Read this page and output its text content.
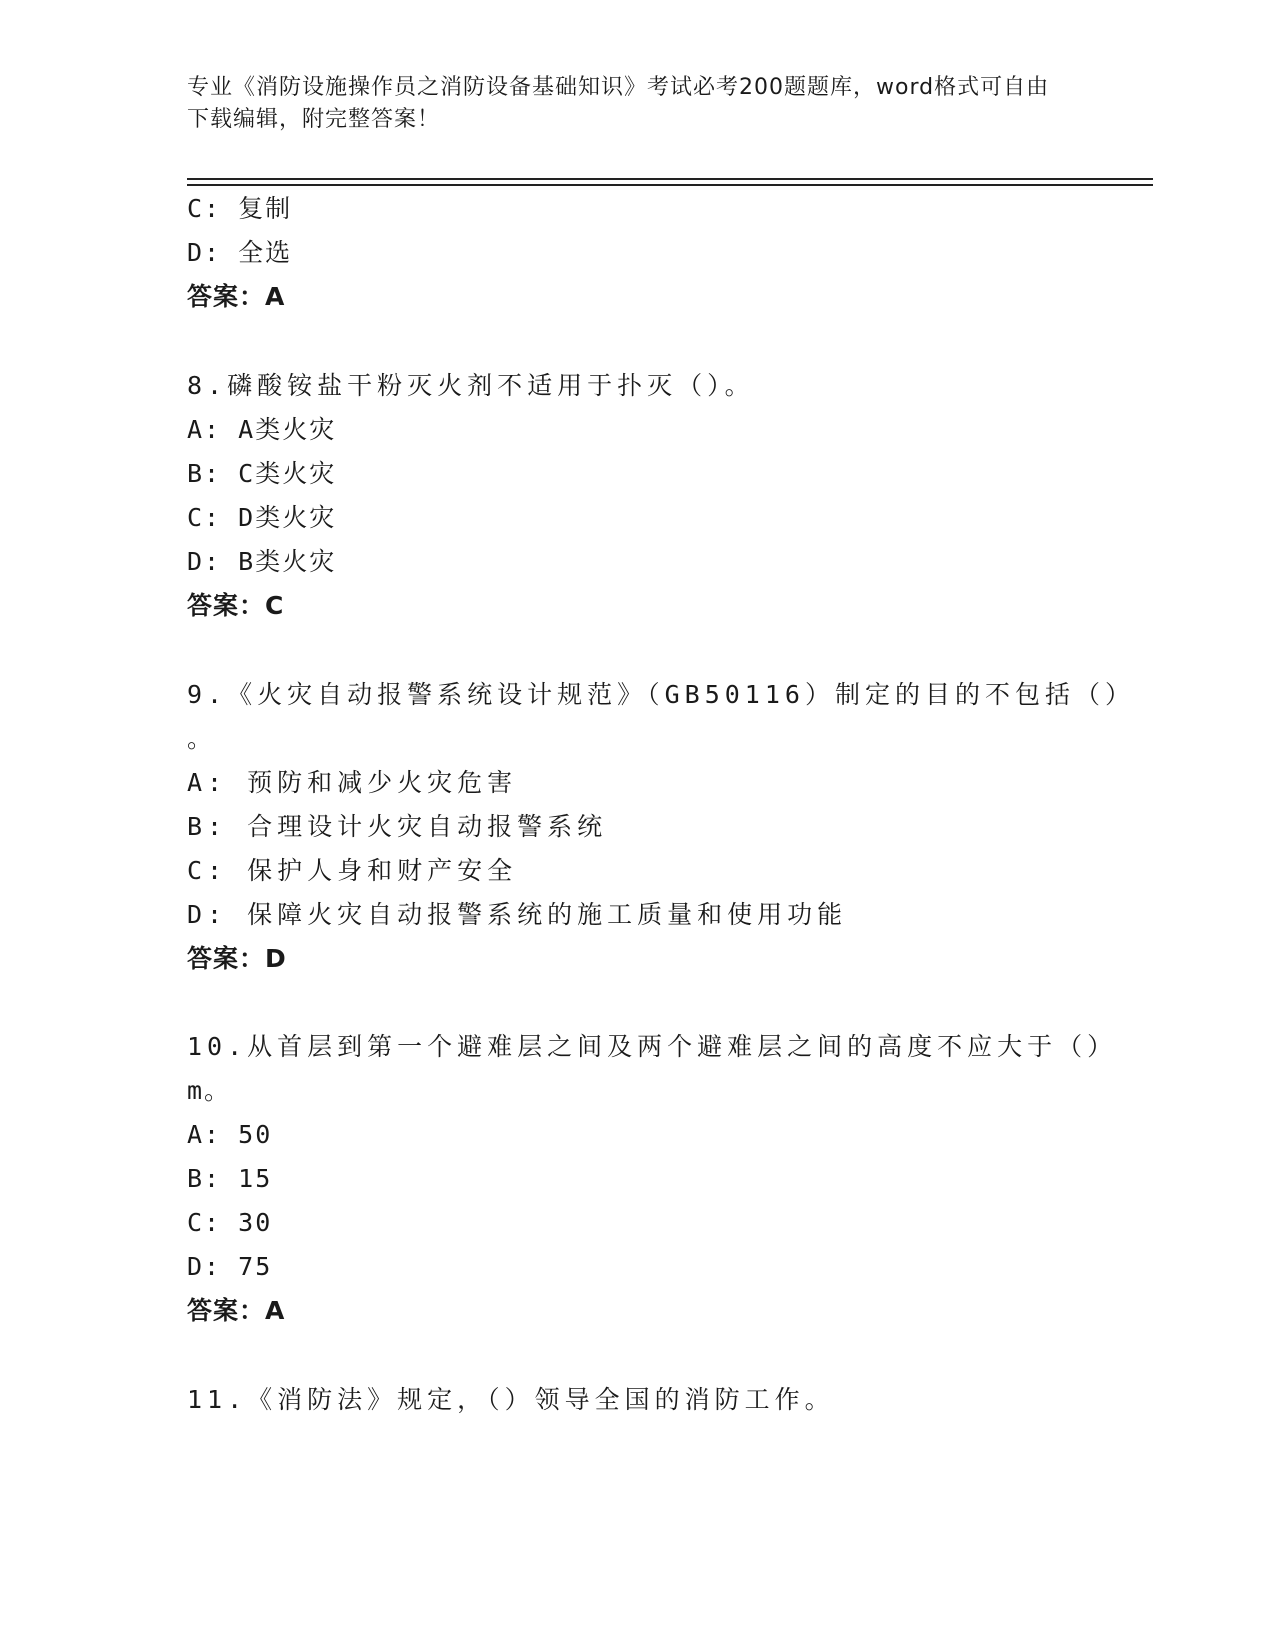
专业《消防设施操作员之消防设备基础知识》考试必考200题题库，word格式可自由下载编辑，附完整答案！

C: 复制
D: 全选
答案：A
8.磷酸铵盐干粉灭火剂不适用于扑灭（）。
A: A类火灾
B: C类火灾
C: D类火灾
D: B类火灾
答案：C
9.《火灾自动报警系统设计规范》（GB50116）制定的目的不包括（）
。
A: 预防和减少火灾危害
B: 合理设计火灾自动报警系统
C: 保护人身和财产安全
D: 保障火灾自动报警系统的施工质量和使用功能
答案：D
10.从首层到第一个避难层之间及两个避难层之间的高度不应大于（）
m。
A: 50
B: 15
C: 30
D: 75
答案：A
11.《消防法》规定，（）领导全国的消防工作。
